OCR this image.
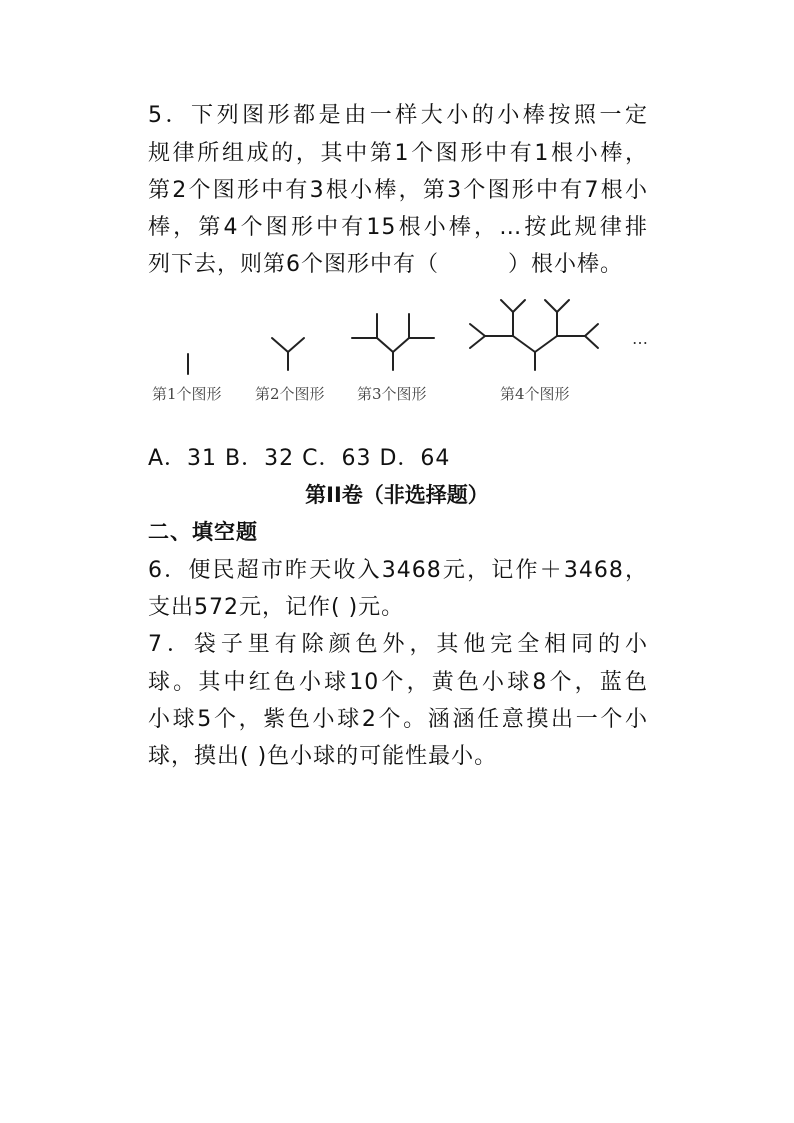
5．下列图形都是由一样大小的小棒按照一定
规律所组成的，其中第1个图形中有1根小棒，
第2个图形中有3根小棒，第3个图形中有7根小
棒，第4个图形中有15根小棒，…按此规律排
列下去，则第6个图形中有（　　　）根小棒。
…
第1个图形 第2个图形 第3个图形	第4个图形
A．31 B．32 C．63 D．64
第II卷（非选择题）
二、填空题
6．便民超市昨天收入3468元，记作＋3468，
支出572元，记作( )元。
7．袋子里有除颜色外，其他完全相同的小
球。其中红色小球10个，黄色小球8个，蓝色
小球5个，紫色小球2个。涵涵任意摸出一个小
球，摸出( )色小球的可能性最小。
